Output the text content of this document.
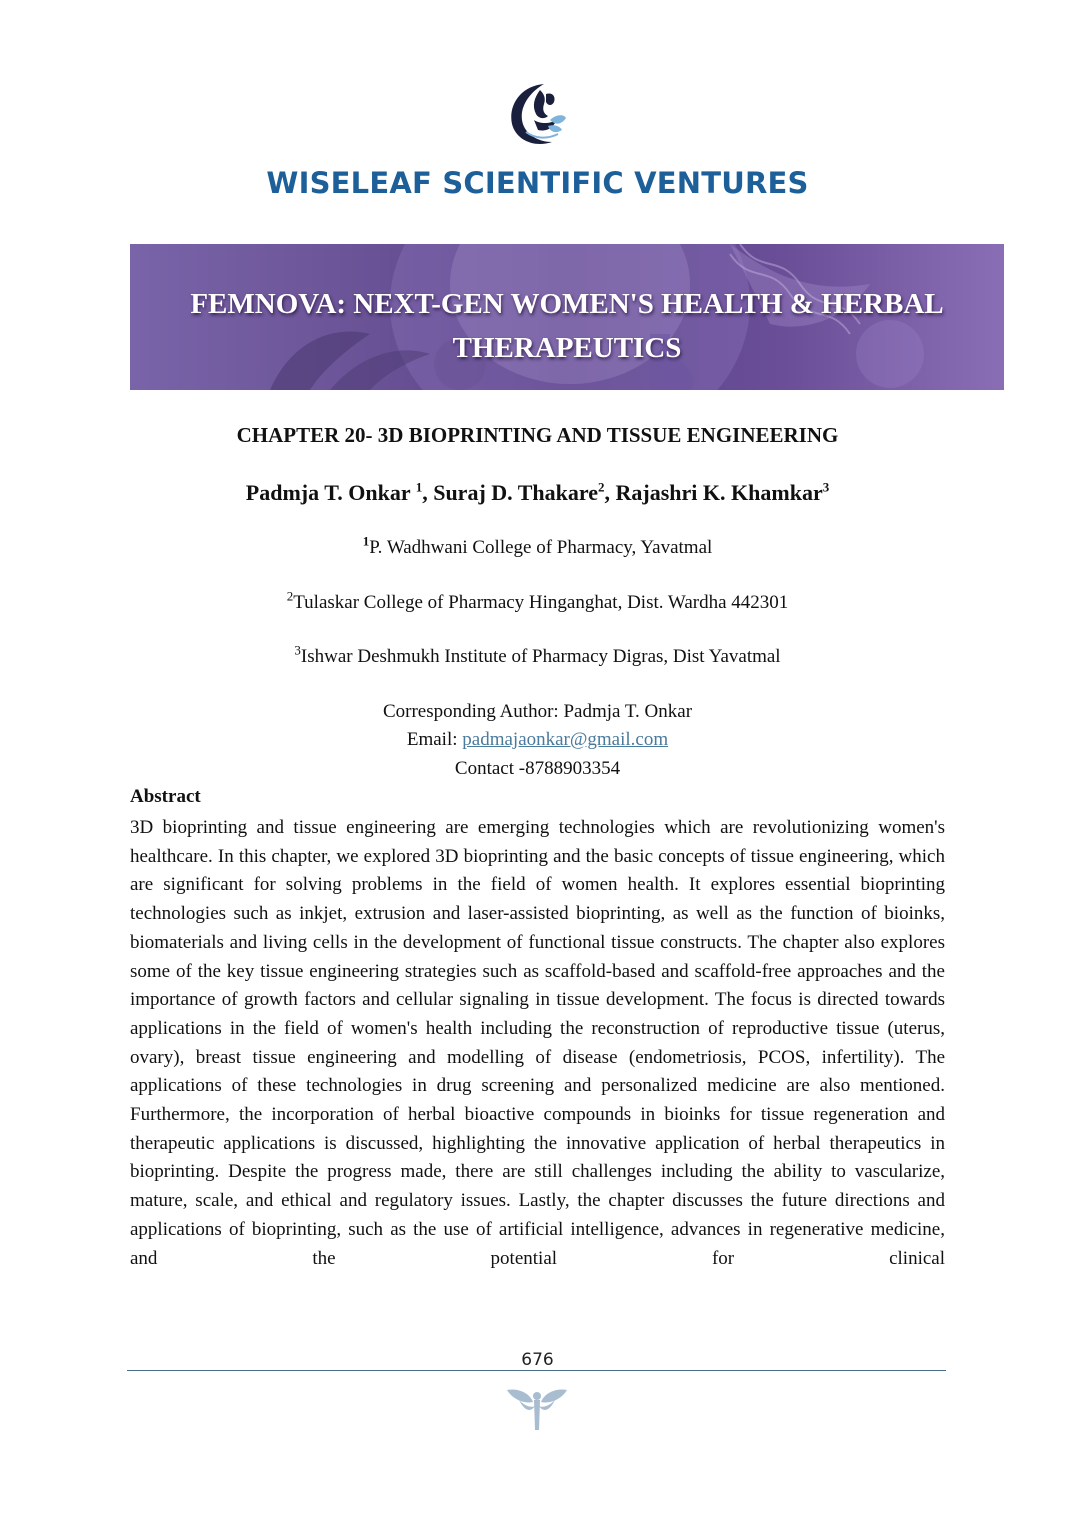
WISELEAF SCIENTIFIC VENTURES
FEMNOVA: NEXT-GEN WOMEN'S HEALTH & HERBAL
THERAPEUTICS
CHAPTER 20- 3D BIOPRINTING AND TISSUE ENGINEERING
Padmja T. Onkar $^1$, Suraj D. Thakare$^2$, Rajashri K. Khamkar$^3$
$^1$P. Wadhwani College of Pharmacy, Yavatmal
$^2$Tulaskar College of Pharmacy Hinganghat, Dist. Wardha 442301
$^3$Ishwar Deshmukh Institute of Pharmacy Digras, Dist Yavatmal
Corresponding Author: Padmja T. Onkar
Email: padmajaonkar@gmail.com
Contact -8788903354
Abstract
3D bioprinting and tissue engineering are emerging technologies which are revolutionizing women's healthcare. In this chapter, we explored 3D bioprinting and the basic concepts of tissue engineering, which are significant for solving problems in the field of women health. It explores essential bioprinting technologies such as inkjet, extrusion and laser-assisted bioprinting, as well as the function of bioinks, biomaterials and living cells in the development of functional tissue constructs. The chapter also explores some of the key tissue engineering strategies such as scaffold-based and scaffold-free approaches and the importance of growth factors and cellular signaling in tissue development. The focus is directed towards applications in the field of women's health including the reconstruction of reproductive tissue (uterus, ovary), breast tissue engineering and modelling of disease (endometriosis, PCOS, infertility). The applications of these technologies in drug screening and personalized medicine are also mentioned. Furthermore, the incorporation of herbal bioactive compounds in bioinks for tissue regeneration and therapeutic applications is discussed, highlighting the innovative application of herbal therapeutics in bioprinting. Despite the progress made, there are still challenges including the ability to vascularize, mature, scale, and ethical and regulatory issues. Lastly, the chapter discusses the future directions and applications of bioprinting, such as the use of artificial intelligence, advances in regenerative medicine, and the potential for clinical
676
